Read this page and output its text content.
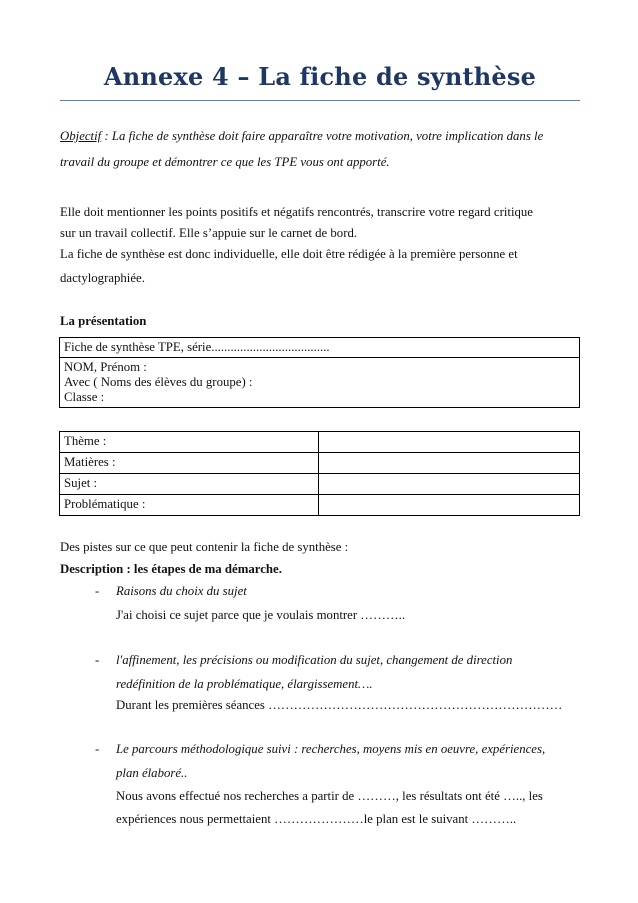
Annexe 4 – La fiche de synthèse
Objectif : La fiche de synthèse doit faire apparaître votre motivation, votre implication dans le
travail du groupe et démontrer ce que les TPE vous ont apporté.
Elle doit mentionner les points positifs et négatifs rencontrés, transcrire votre regard critique
sur un travail collectif. Elle s’appuie sur le carnet de bord.
La fiche de synthèse est donc individuelle, elle doit être rédigée à la première personne et
dactylographiée.
La présentation
Fiche de synthèse TPE, série.....................................

NOM, Prénom :
Avec ( Noms des élèves du groupe) :
Classe :
Thème :	
Matières :	
Sujet :	
Problématique :	
Des pistes sur ce que peut contenir la fiche de synthèse :
Description : les étapes de ma démarche.
- Raisons du choix du sujet
J'ai choisi ce sujet parce que je voulais montrer ………..
- l'affinement, les précisions ou modification du sujet, changement de direction
redéfinition de la problématique, élargissement….
Durant les premières séances ……………………………………………………………
- Le parcours méthodologique suivi : recherches, moyens mis en oeuvre, expériences,
plan élaboré..
Nous avons effectué nos recherches a partir de ………, les résultats ont été ….., les
expériences nous permettaient …………………le plan est le suivant ………..
